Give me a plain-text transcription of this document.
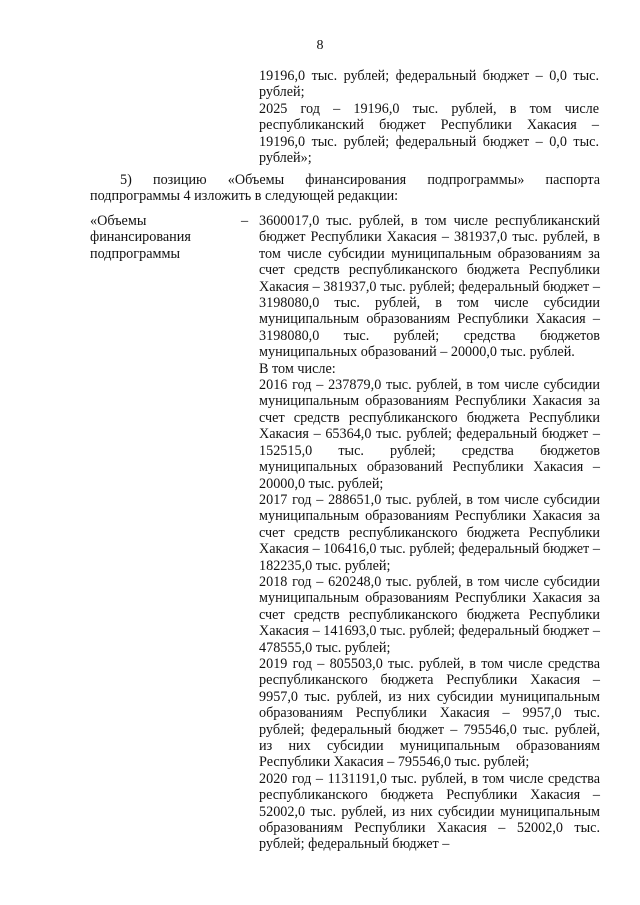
8
19196,0 тыс. рублей; федеральный бюджет – 0,0 тыс. рублей;
2025 год – 19196,0 тыс. рублей, в том числе республиканский бюджет Республики Хакасия – 19196,0 тыс. рублей; федеральный бюджет – 0,0 тыс. рублей»;
5) позицию «Объемы финансирования подпрограммы» паспорта подпрограммы 4 изложить в следующей редакции:
«Объемы финансирования подпрограммы
– 3600017,0 тыс. рублей, в том числе республиканский бюджет Республики Хакасия – 381937,0 тыс. рублей, в том числе субсидии муниципальным образованиям за счет средств республиканского бюджета Республики Хакасия – 381937,0 тыс. рублей; федеральный бюджет – 3198080,0 тыс. рублей, в том числе субсидии муниципальным образованиям Республики Хакасия – 3198080,0 тыс. рублей; средства бюджетов муниципальных образований – 20000,0 тыс. рублей.

В том числе:

2016 год – 237879,0 тыс. рублей, в том числе субсидии муниципальным образованиям Республики Хакасия за счет средств республиканского бюджета Республики Хакасия – 65364,0 тыс. рублей; федеральный бюджет – 152515,0 тыс. рублей; средства бюджетов муниципальных образований Республики Хакасия – 20000,0 тыс. рублей;

2017 год – 288651,0 тыс. рублей, в том числе субсидии муниципальным образованиям Республики Хакасия за счет средств республиканского бюджета Республики Хакасия – 106416,0 тыс. рублей; федеральный бюджет – 182235,0 тыс. рублей;

2018 год – 620248,0 тыс. рублей, в том числе субсидии муниципальным образованиям Республики Хакасия за счет средств республиканского бюджета Республики Хакасия – 141693,0 тыс. рублей; федеральный бюджет – 478555,0 тыс. рублей;

2019 год – 805503,0 тыс. рублей, в том числе средства республиканского бюджета Республики Хакасия – 9957,0 тыс. рублей, из них субсидии муниципальным образованиям Республики Хакасия – 9957,0 тыс. рублей; федеральный бюджет – 795546,0 тыс. рублей, из них субсидии муниципальным образованиям Республики Хакасия – 795546,0 тыс. рублей;

2020 год – 1131191,0 тыс. рублей, в том числе средства республиканского бюджета Республики Хакасия – 52002,0 тыс. рублей, из них субсидии муниципальным образованиям Республики Хакасия – 52002,0 тыс. рублей; федеральный бюджет –
